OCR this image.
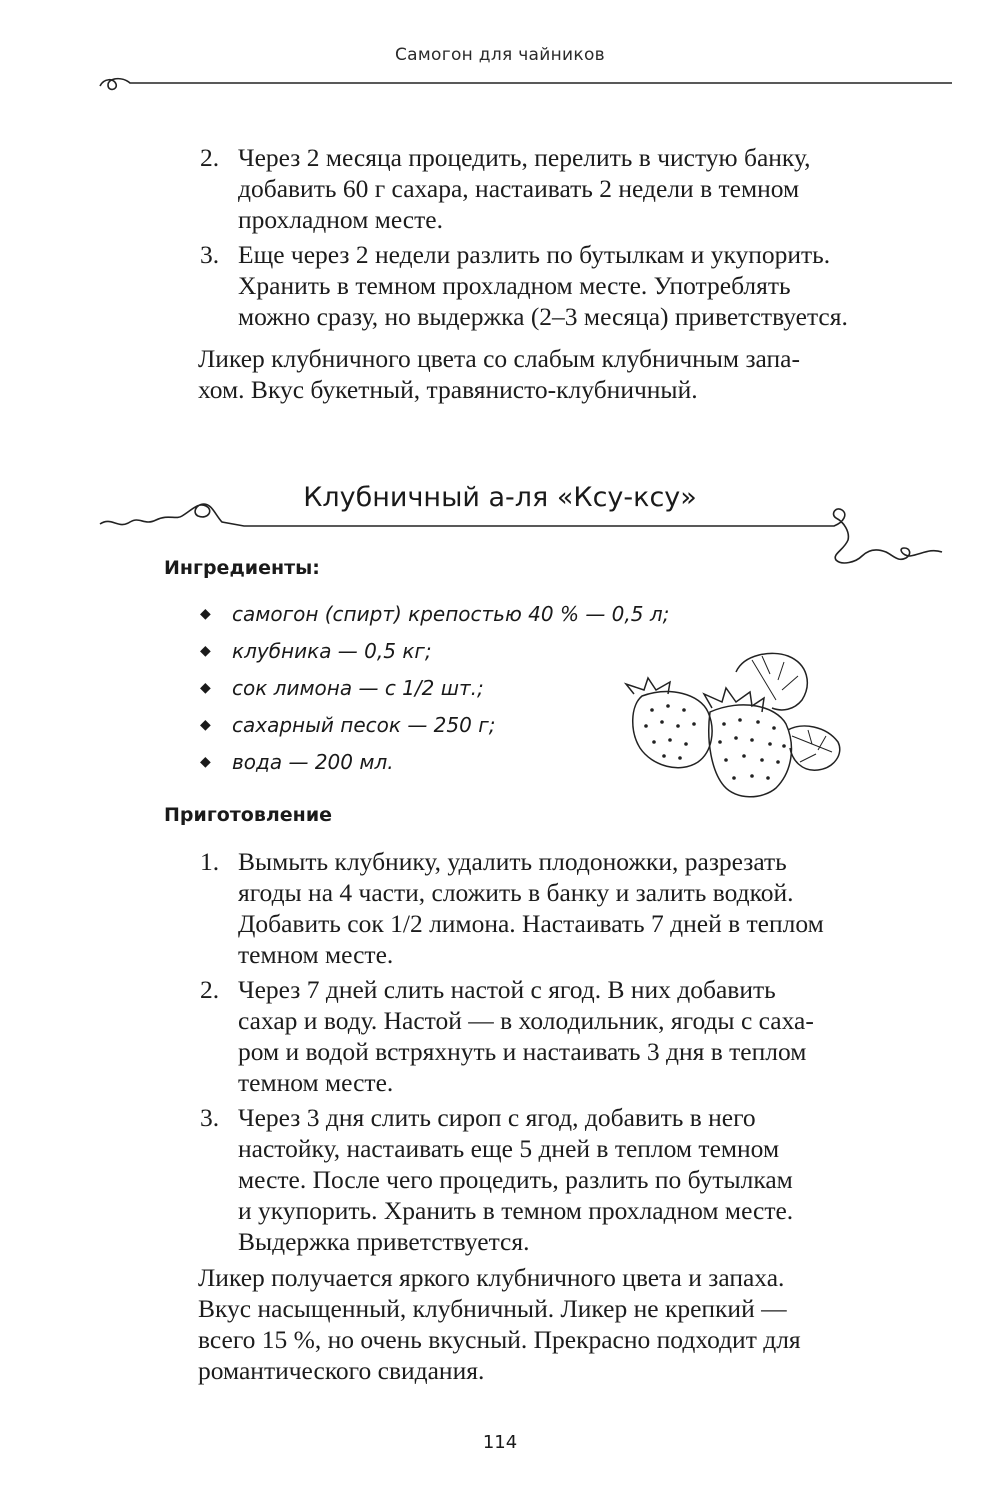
Самогон для чайников
2. Через 2 месяца процедить, перелить в чистую банку,
добавить 60 г сахара, настаивать 2 недели в темном
прохладном месте.
3. Еще через 2 недели разлить по бутылкам и укупорить.
Хранить в темном прохладном месте. Употреблять
можно сразу, но выдержка (2–3 месяца) приветствуется.

Ликер клубничного цвета со слабым клубничным запа-
хом. Вкус букетный, травянисто-клубничный.

Клубничный а-ля «Ксу-ксу»
Ингредиенты:
◆ самогон (спирт) крепостью 40 % — 0,5 л;
◆ клубника — 0,5 кг;
◆ сок лимона — с 1/2 шт.;
◆ сахарный песок — 250 г;
◆ вода — 200 мл.
Приготовление
1. Вымыть клубнику, удалить плодоножки, разрезать
ягоды на 4 части, сложить в банку и залить водкой.
Добавить сок 1/2 лимона. Настаивать 7 дней в теплом
темном месте.
2. Через 7 дней слить настой с ягод. В них добавить
сахар и воду. Настой — в холодильник, ягоды с саха-
ром и водой встряхнуть и настаивать 3 дня в теплом
темном месте.
3. Через 3 дня слить сироп с ягод, добавить в него
настойку, настаивать еще 5 дней в теплом темном
месте. После чего процедить, разлить по бутылкам
и укупорить. Хранить в темном прохладном месте.
Выдержка приветствуется.

Ликер получается яркого клубничного цвета и запаха.
Вкус насыщенный, клубничный. Ликер не крепкий —
всего 15 %, но очень вкусный. Прекрасно подходит для
романтического свидания.

114
